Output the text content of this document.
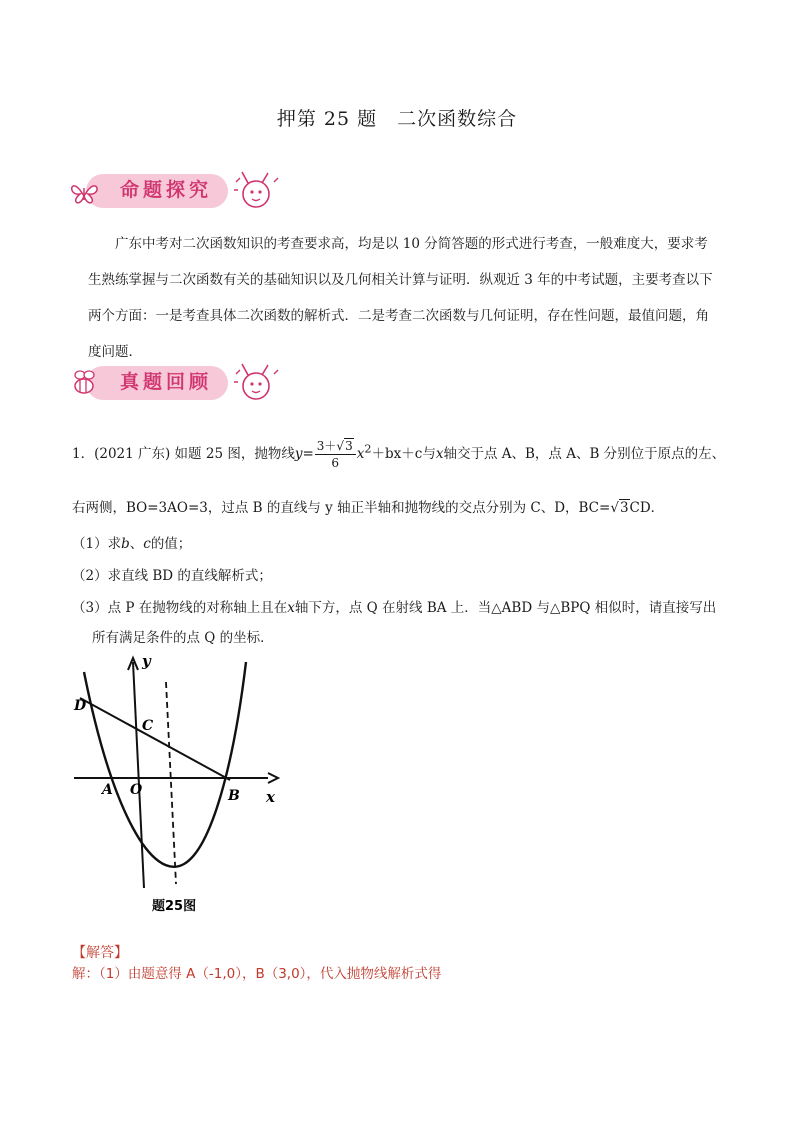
押第 25 题　二次函数综合
命题探究

广东中考对二次函数知识的考查要求高，均是以 10 分简答题的形式进行考查，一般难度大，要求考生熟练掌握与二次函数有关的基础知识以及几何相关计算与证明．纵观近 3 年的中考试题，主要考查以下两个方面：一是考查具体二次函数的解析式．二是考查二次函数与几何证明，存在性问题，最值问题，角度问题．

真题回顾
1．(2021 广东) 如题 25 图，抛物线$y= \frac{3+√3}{6} x^2+bx+c$与x轴交于点 A、B，点 A、B 分别位于原点的左、
右两侧，BO=3AO=3，过点 B 的直线与 y 轴正半轴和抛物线的交点分别为 C、D，BC=√3CD．
（1）求b、c的值；
（2）求直线 BD 的直线解析式；
（3）点 P 在抛物线的对称轴上且在x轴下方，点 Q 在射线 BA 上．当△ABD 与△BPQ 相似时，请直接写出
所有满足条件的点 Q 的坐标．
y
x
D
C
A O	B
题25图
【解答】
解：（1）由题意得 A（-1,0），B（3,0），代入抛物线解析式得
